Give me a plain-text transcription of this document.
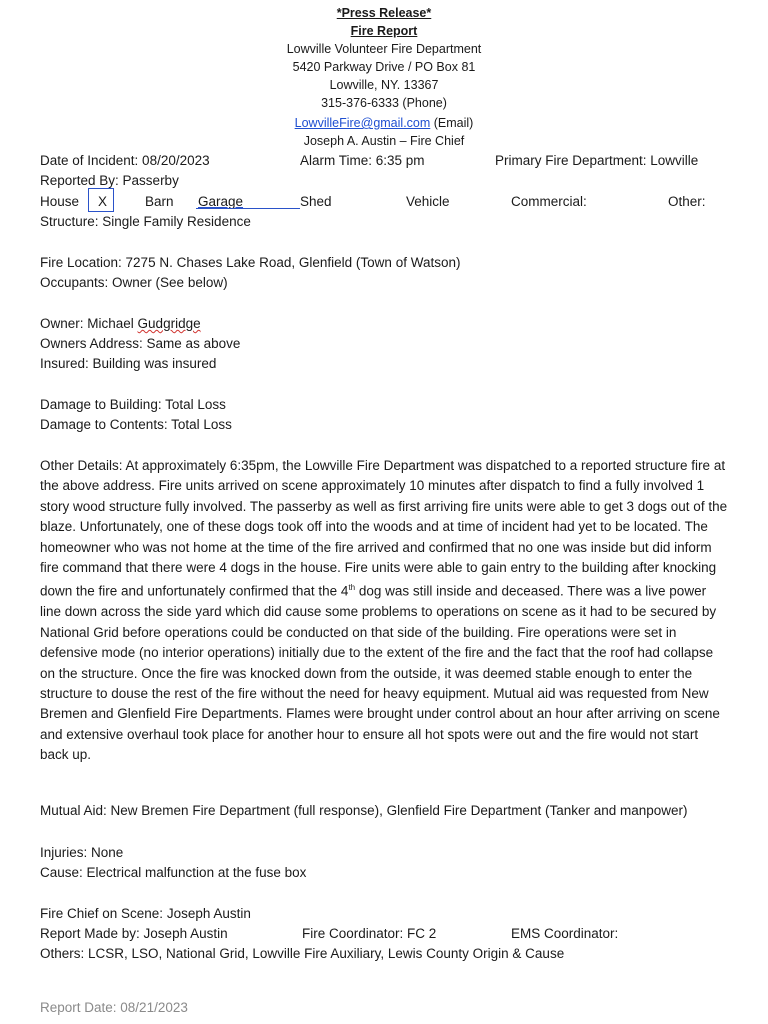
*Press Release*
Fire Report
Lowville Volunteer Fire Department
5420 Parkway Drive / PO Box 81
Lowville, NY. 13367
315-376-6333 (Phone)
LowvilleFire@gmail.com (Email)
Joseph A. Austin – Fire Chief
Date of Incident: 08/20/2023	Alarm Time: 6:35 pm	Primary Fire Department: Lowville
Reported By: Passerby
House X	Barn Garage	Shed	Vehicle	Commercial:	Other:
Structure: Single Family Residence
Fire Location: 7275 N. Chases Lake Road, Glenfield (Town of Watson)
Occupants: Owner (See below)
Owner: Michael Gudgridge
Owners Address: Same as above
Insured: Building was insured
Damage to Building: Total Loss
Damage to Contents: Total Loss
Other Details: At approximately 6:35pm, the Lowville Fire Department was dispatched to a reported structure fire at the above address. Fire units arrived on scene approximately 10 minutes after dispatch to find a fully involved 1 story wood structure fully involved. The passerby as well as first arriving fire units were able to get 3 dogs out of the blaze. Unfortunately, one of these dogs took off into the woods and at time of incident had yet to be located. The homeowner who was not home at the time of the fire arrived and confirmed that no one was inside but did inform fire command that there were 4 dogs in the house. Fire units were able to gain entry to the building after knocking down the fire and unfortunately confirmed that the 4th dog was still inside and deceased. There was a live power line down across the side yard which did cause some problems to operations on scene as it had to be secured by National Grid before operations could be conducted on that side of the building. Fire operations were set in defensive mode (no interior operations) initially due to the extent of the fire and the fact that the roof had collapse on the structure. Once the fire was knocked down from the outside, it was deemed stable enough to enter the structure to douse the rest of the fire without the need for heavy equipment. Mutual aid was requested from New Bremen and Glenfield Fire Departments. Flames were brought under control about an hour after arriving on scene and extensive overhaul took place for another hour to ensure all hot spots were out and the fire would not start back up.
Mutual Aid: New Bremen Fire Department (full response), Glenfield Fire Department (Tanker and manpower)
Injuries: None
Cause: Electrical malfunction at the fuse box
Fire Chief on Scene: Joseph Austin
Report Made by: Joseph Austin	Fire Coordinator: FC 2	EMS Coordinator:
Others: LCSR, LSO, National Grid, Lowville Fire Auxiliary, Lewis County Origin & Cause
Report Date: 08/21/2023
